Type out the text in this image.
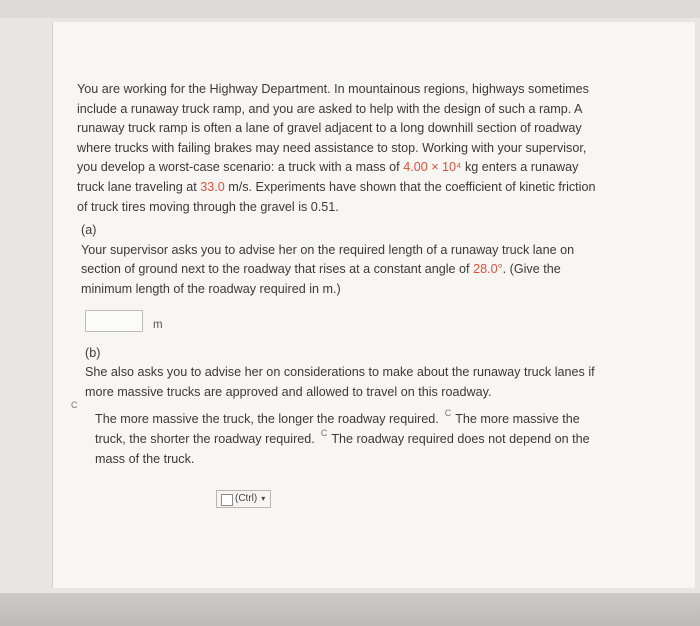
You are working for the Highway Department. In mountainous regions, highways sometimes include a runaway truck ramp, and you are asked to help with the design of such a ramp. A runaway truck ramp is often a lane of gravel adjacent to a long downhill section of roadway where trucks with failing brakes may need assistance to stop. Working with your supervisor, you develop a worst-case scenario: a truck with a mass of 4.00 × 10⁴ kg enters a runaway truck lane traveling at 33.0 m/s. Experiments have shown that the coefficient of kinetic friction of truck tires moving through the gravel is 0.51.

(a)

Your supervisor asks you to advise her on the required length of a runaway truck lane on section of ground next to the roadway that rises at a constant angle of 28.0°. (Give the minimum length of the roadway required in m.)

m
(b)

She also asks you to advise her on considerations to make about the runaway truck lanes if more massive trucks are approved and allowed to travel on this roadway.

C
The more massive the truck, the longer the roadway required. C The more massive the truck, the shorter the roadway required. C The roadway required does not depend on the mass of the truck.
(Ctrl) ▾
